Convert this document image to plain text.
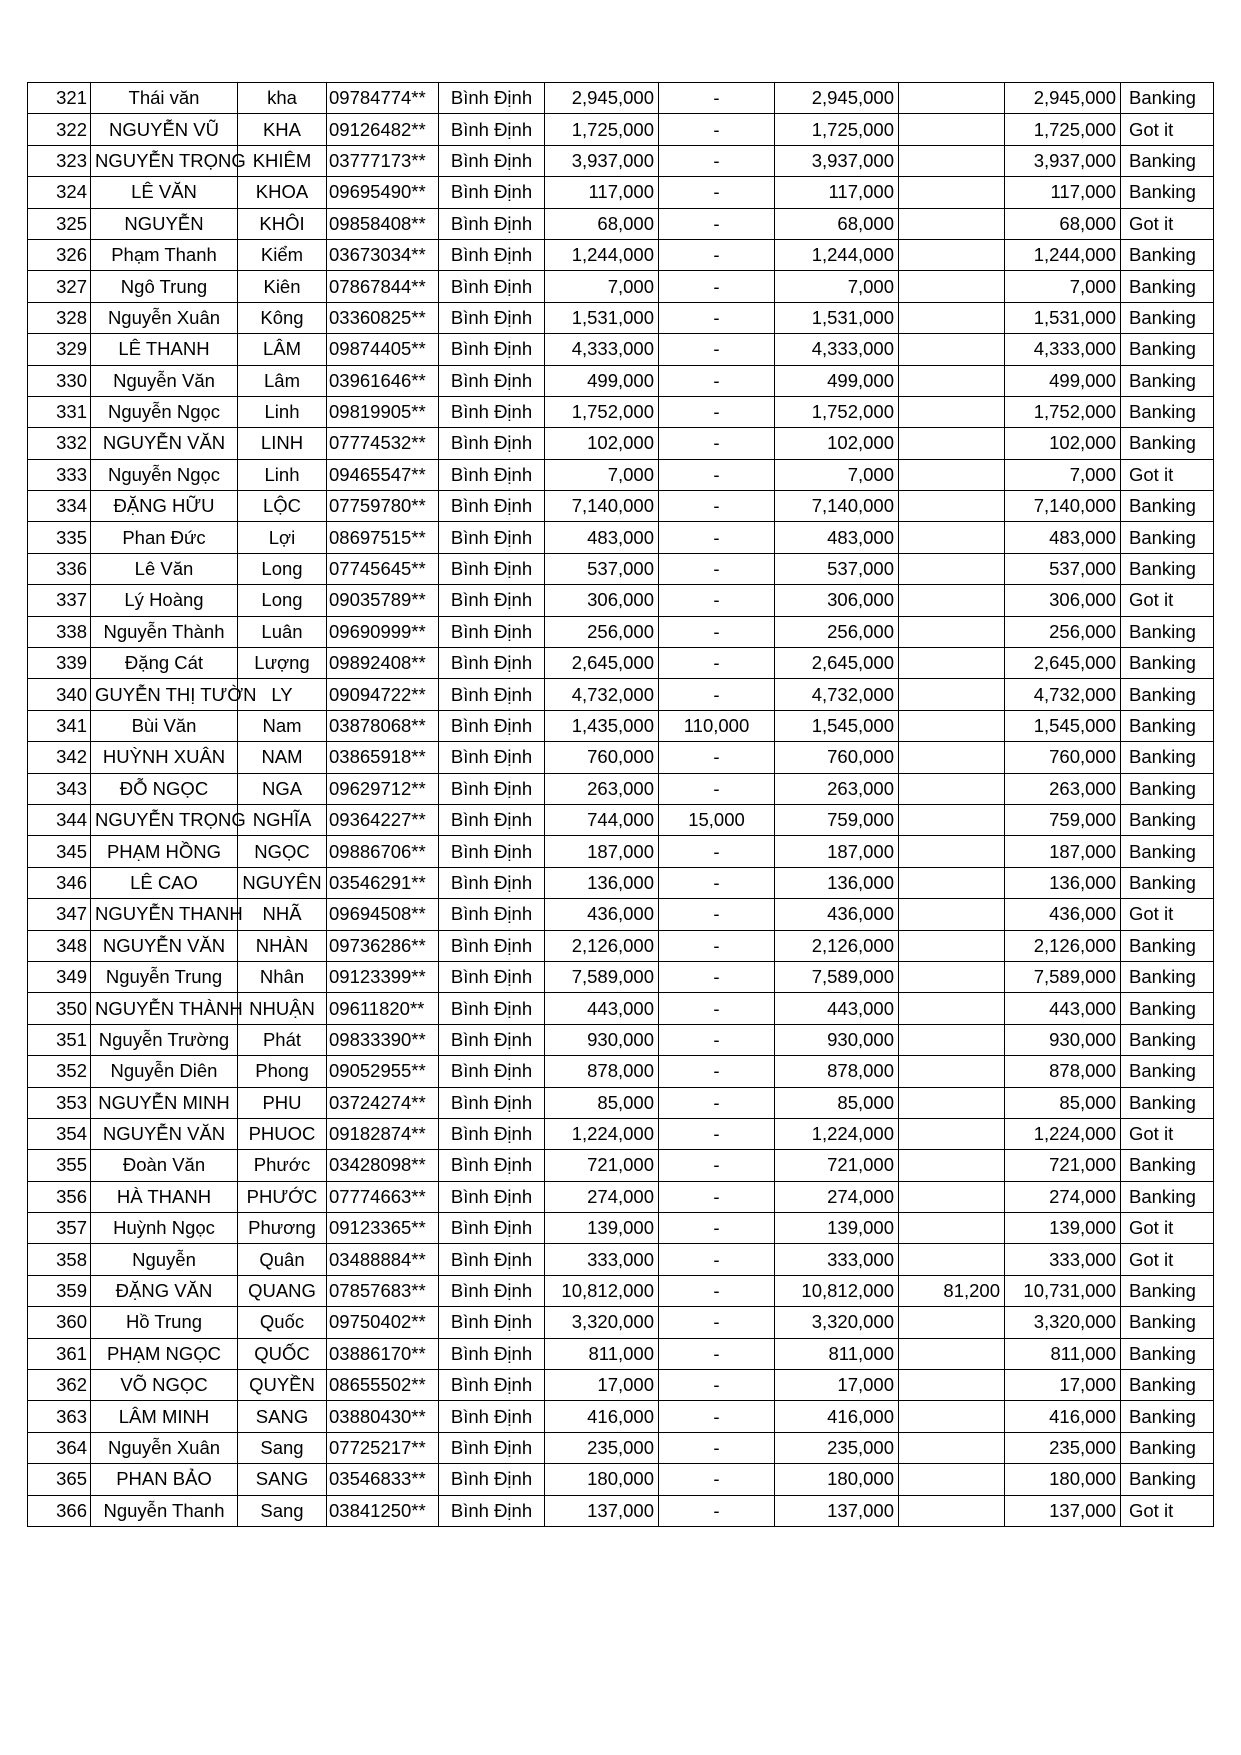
321	Thái văn	kha	09784774**	Bình Định	2,945,000	-	2,945,000		2,945,000	Banking
322	NGUYỄN VŨ	KHA	09126482**	Bình Định	1,725,000	-	1,725,000		1,725,000	Got it
323	NGUYỄN TRỌNG	KHIÊM	03777173**	Bình Định	3,937,000	-	3,937,000		3,937,000	Banking
324	LÊ VĂN	KHOA	09695490**	Bình Định	117,000	-	117,000		117,000	Banking
325	NGUYỄN	KHÔI	09858408**	Bình Định	68,000	-	68,000		68,000	Got it
326	Phạm Thanh	Kiểm	03673034**	Bình Định	1,244,000	-	1,244,000		1,244,000	Banking
327	Ngô Trung	Kiên	07867844**	Bình Định	7,000	-	7,000		7,000	Banking
328	Nguyễn Xuân	Kông	03360825**	Bình Định	1,531,000	-	1,531,000		1,531,000	Banking
329	LÊ THANH	LÂM	09874405**	Bình Định	4,333,000	-	4,333,000		4,333,000	Banking
330	Nguyễn Văn	Lâm	03961646**	Bình Định	499,000	-	499,000		499,000	Banking
331	Nguyễn Ngọc	Linh	09819905**	Bình Định	1,752,000	-	1,752,000		1,752,000	Banking
332	NGUYỄN VĂN	LINH	07774532**	Bình Định	102,000	-	102,000		102,000	Banking
333	Nguyễn Ngọc	Linh	09465547**	Bình Định	7,000	-	7,000		7,000	Got it
334	ĐẶNG HỮU	LỘC	07759780**	Bình Định	7,140,000	-	7,140,000		7,140,000	Banking
335	Phan Đức	Lợi	08697515**	Bình Định	483,000	-	483,000		483,000	Banking
336	Lê Văn	Long	07745645**	Bình Định	537,000	-	537,000		537,000	Banking
337	Lý Hoàng	Long	09035789**	Bình Định	306,000	-	306,000		306,000	Got it
338	Nguyễn Thành	Luân	09690999**	Bình Định	256,000	-	256,000		256,000	Banking
339	Đặng Cát	Lượng	09892408**	Bình Định	2,645,000	-	2,645,000		2,645,000	Banking
340	GUYỄN THỊ TƯỜN	LY	09094722**	Bình Định	4,732,000	-	4,732,000		4,732,000	Banking
341	Bùi Văn	Nam	03878068**	Bình Định	1,435,000	110,000	1,545,000		1,545,000	Banking
342	HUỲNH XUÂN	NAM	03865918**	Bình Định	760,000	-	760,000		760,000	Banking
343	ĐỖ NGỌC	NGA	09629712**	Bình Định	263,000	-	263,000		263,000	Banking
344	NGUYỄN TRỌNG	NGHĨA	09364227**	Bình Định	744,000	15,000	759,000		759,000	Banking
345	PHẠM HỒNG	NGỌC	09886706**	Bình Định	187,000	-	187,000		187,000	Banking
346	LÊ CAO	NGUYÊN	03546291**	Bình Định	136,000	-	136,000		136,000	Banking
347	NGUYỄN THANH	NHÃ	09694508**	Bình Định	436,000	-	436,000		436,000	Got it
348	NGUYỄN VĂN	NHÀN	09736286**	Bình Định	2,126,000	-	2,126,000		2,126,000	Banking
349	Nguyễn Trung	Nhân	09123399**	Bình Định	7,589,000	-	7,589,000		7,589,000	Banking
350	NGUYỄN THÀNH	NHUẬN	09611820**	Bình Định	443,000	-	443,000		443,000	Banking
351	Nguyễn Trường	Phát	09833390**	Bình Định	930,000	-	930,000		930,000	Banking
352	Nguyễn Diên	Phong	09052955**	Bình Định	878,000	-	878,000		878,000	Banking
353	NGUYỄN MINH	PHU	03724274**	Bình Định	85,000	-	85,000		85,000	Banking
354	NGUYỄN VĂN	PHUOC	09182874**	Bình Định	1,224,000	-	1,224,000		1,224,000	Got it
355	Đoàn Văn	Phước	03428098**	Bình Định	721,000	-	721,000		721,000	Banking
356	HÀ THANH	PHƯỚC	07774663**	Bình Định	274,000	-	274,000		274,000	Banking
357	Huỳnh Ngọc	Phương	09123365**	Bình Định	139,000	-	139,000		139,000	Got it
358	Nguyễn	Quân	03488884**	Bình Định	333,000	-	333,000		333,000	Got it
359	ĐẶNG VĂN	QUANG	07857683**	Bình Định	10,812,000	-	10,812,000	81,200	10,731,000	Banking
360	Hồ Trung	Quốc	09750402**	Bình Định	3,320,000	-	3,320,000		3,320,000	Banking
361	PHẠM NGỌC	QUỐC	03886170**	Bình Định	811,000	-	811,000		811,000	Banking
362	VÕ NGỌC	QUYỀN	08655502**	Bình Định	17,000	-	17,000		17,000	Banking
363	LÂM MINH	SANG	03880430**	Bình Định	416,000	-	416,000		416,000	Banking
364	Nguyễn Xuân	Sang	07725217**	Bình Định	235,000	-	235,000		235,000	Banking
365	PHAN BẢO	SANG	03546833**	Bình Định	180,000	-	180,000		180,000	Banking
366	Nguyễn Thanh	Sang	03841250**	Bình Định	137,000	-	137,000		137,000	Got it
